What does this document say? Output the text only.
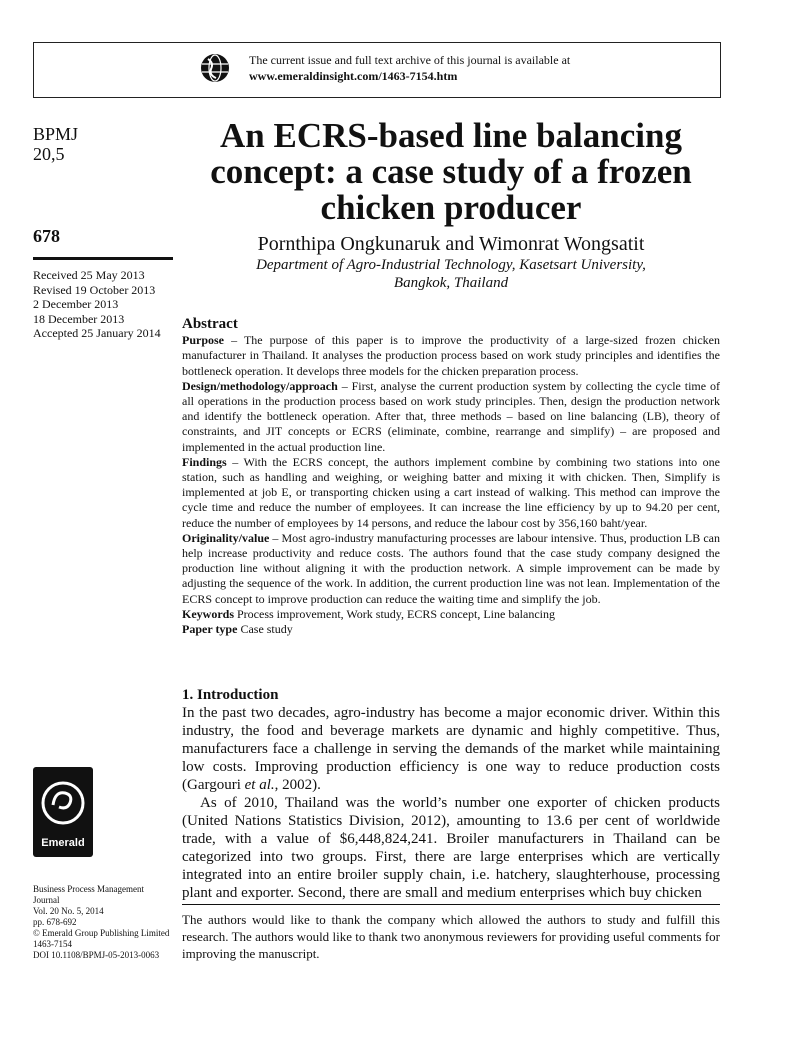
The current issue and full text archive of this journal is available at
www.emeraldinsight.com/1463-7154.htm
BPMJ
20,5
678
Received 25 May 2013
Revised 19 October 2013
2 December 2013
18 December 2013
Accepted 25 January 2014
Emerald
Business Process Management
Journal
Vol. 20 No. 5, 2014
pp. 678-692
© Emerald Group Publishing Limited
1463-7154
DOI 10.1108/BPMJ-05-2013-0063
An ECRS-based line balancing concept: a case study of a frozen chicken producer
Pornthipa Ongkunaruk and Wimonrat Wongsatit
Department of Agro-Industrial Technology, Kasetsart University,
Bangkok, Thailand
Abstract

Purpose – The purpose of this paper is to improve the productivity of a large-sized frozen chicken manufacturer in Thailand. It analyses the production process based on work study principles and identifies the bottleneck operation. It develops three models for the chicken preparation process.

Design/methodology/approach – First, analyse the current production system by collecting the cycle time of all operations in the production process based on work study principles. Then, design the production network and identify the bottleneck operation. After that, three methods – based on line balancing (LB), theory of constraints, and JIT concepts or ECRS (eliminate, combine, rearrange and simplify) – are proposed and implemented in the actual production line.

Findings – With the ECRS concept, the authors implement combine by combining two stations into one station, such as handling and weighing, or weighing batter and mixing it with chicken. Then, Simplify is implemented at job E, or transporting chicken using a cart instead of walking. This method can improve the cycle time and reduce the number of employees. It can increase the line efficiency by up to 94.20 per cent, reduce the number of employees by 14 persons, and reduce the labour cost by 356,160 baht/year.

Originality/value – Most agro-industry manufacturing processes are labour intensive. Thus, production LB can help increase productivity and reduce costs. The authors found that the case study company designed the production line without aligning it with the production network. A simple improvement can be made by adjusting the sequence of the work. In addition, the current production line was not lean. Implementation of the ECRS concept to improve production can reduce the waiting time and simplify the job.

Keywords Process improvement, Work study, ECRS concept, Line balancing

Paper type Case study

1. Introduction

In the past two decades, agro-industry has become a major economic driver. Within this industry, the food and beverage markets are dynamic and highly competitive. Thus, manufacturers face a challenge in serving the demands of the market while maintaining low costs. Improving production efficiency is one way to reduce production costs (Gargouri et al., 2002).

As of 2010, Thailand was the world’s number one exporter of chicken products (United Nations Statistics Division, 2012), amounting to 13.6 per cent of worldwide trade, with a value of $6,448,824,241. Broiler manufacturers in Thailand can be categorized into two groups. First, there are large enterprises which are vertically integrated into an entire broiler supply chain, i.e. hatchery, slaughterhouse, processing plant and exporter. Second, there are small and medium enterprises which buy chicken

The authors would like to thank the company which allowed the authors to study and fulfill this research. The authors would like to thank two anonymous reviewers for providing useful comments for improving the manuscript.
